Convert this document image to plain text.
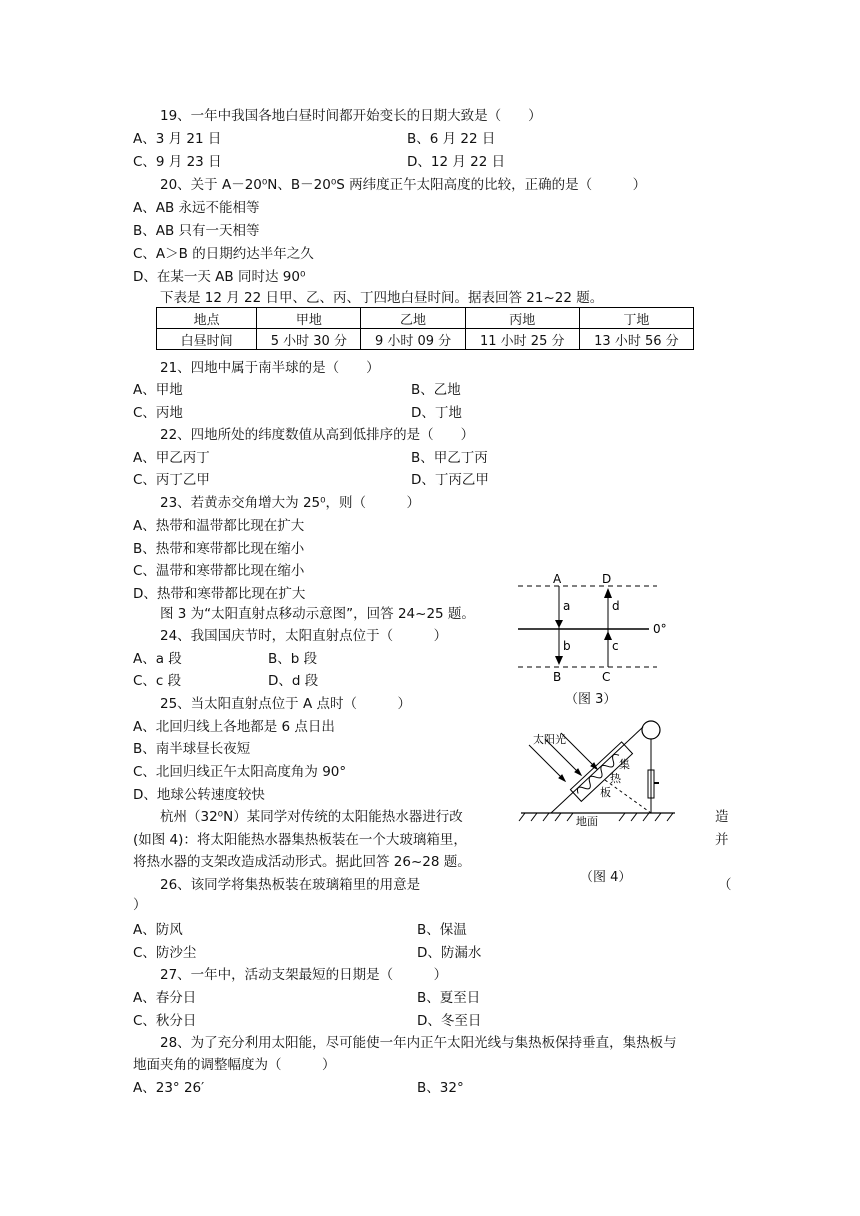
19、一年中我国各地白昼时间都开始变长的日期大致是（　　）
A、3 月 21 日	B、6 月 22 日
C、9 月 23 日	D、12 月 22 日
20、关于 A－20⁰N、B－20⁰S 两纬度正午太阳高度的比较，正确的是（　　　）
A、AB 永远不能相等
B、AB 只有一天相等
C、A＞B 的日期约达半年之久
D、在某一天 AB 同时达 90⁰
下表是 12 月 22 日甲、乙、丙、丁四地白昼时间。据表回答 21~22 题。
地点	甲地	乙地	丙地	丁地
白昼时间	5 小时 30 分	9 小时 09 分	11 小时 25 分	13 小时 56 分
21、四地中属于南半球的是（　　）
A、甲地	B、乙地
C、丙地	D、丁地
22、四地所处的纬度数值从高到低排序的是（　　）
A、甲乙丙丁	B、甲乙丁丙
C、丙丁乙甲	D、丁丙乙甲
23、若黄赤交角增大为 25⁰，则（　　　）
A、热带和温带都比现在扩大
B、热带和寒带都比现在缩小
C、温带和寒带都比现在缩小
D、热带和寒带都比现在扩大
图 3 为“太阳直射点移动示意图”，回答 24~25 题。
24、我国国庆节时，太阳直射点位于（　　　）
A、a 段	B、b 段
C、c 段	D、d 段
25、当太阳直射点位于 A 点时（　　　）
A、北回归线上各地都是 6 点日出
B、南半球昼长夜短
C、北回归线正午太阳高度角为 90°
D、地球公转速度较快
杭州（32⁰N）某同学对传统的太阳能热水器进行改	造
(如图 4)：将太阳能热水器集热板装在一个大玻璃箱里，	并
将热水器的支架改造成活动形式。据此回答 26~28 题。
26、该同学将集热板装在玻璃箱里的用意是	（
）
A、防风	B、保温
C、防沙尘	D、防漏水
27、一年中，活动支架最短的日期是（　　　）
A、春分日	B、夏至日
C、秋分日	D、冬至日
28、为了充分利用太阳能，尽可能使一年内正午太阳光线与集热板保持垂直，集热板与
地面夹角的调整幅度为（　　　）
A、23° 26′	B、32°
A	D
B	C
a	d
b	c
0°
（图 3）
太阳光
集
热
板
地面
（图 4）
